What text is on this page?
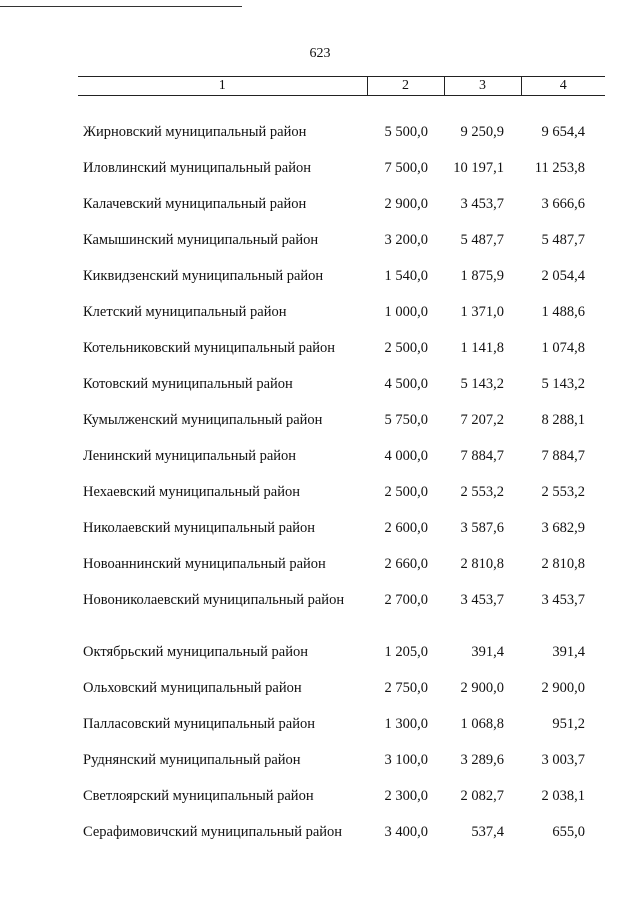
623
1	2	3	4

Жирновский муниципальный район	5 500,0	9 250,9	9 654,4
Иловлинский муниципальный район	7 500,0	10 197,1	11 253,8
Калачевский муниципальный район	2 900,0	3 453,7	3 666,6
Камышинский муниципальный район	3 200,0	5 487,7	5 487,7
Киквидзенский муниципальный район	1 540,0	1 875,9	2 054,4
Клетский муниципальный район	1 000,0	1 371,0	1 488,6
Котельниковский муниципальный район	2 500,0	1 141,8	1 074,8
Котовский муниципальный район	4 500,0	5 143,2	5 143,2
Кумылженский муниципальный район	5 750,0	7 207,2	8 288,1
Ленинский муниципальный район	4 000,0	7 884,7	7 884,7
Нехаевский муниципальный район	2 500,0	2 553,2	2 553,2
Николаевский муниципальный район	2 600,0	3 587,6	3 682,9
Новоаннинский муниципальный район	2 660,0	2 810,8	2 810,8
Новониколаевский муниципальный район	2 700,0	3 453,7	3 453,7
Октябрьский муниципальный район	1 205,0	391,4	391,4
Ольховский муниципальный район	2 750,0	2 900,0	2 900,0
Палласовский муниципальный район	1 300,0	1 068,8	951,2
Руднянский муниципальный район	3 100,0	3 289,6	3 003,7
Светлоярский муниципальный район	2 300,0	2 082,7	2 038,1
Серафимовичский муниципальный район	3 400,0	537,4	655,0
